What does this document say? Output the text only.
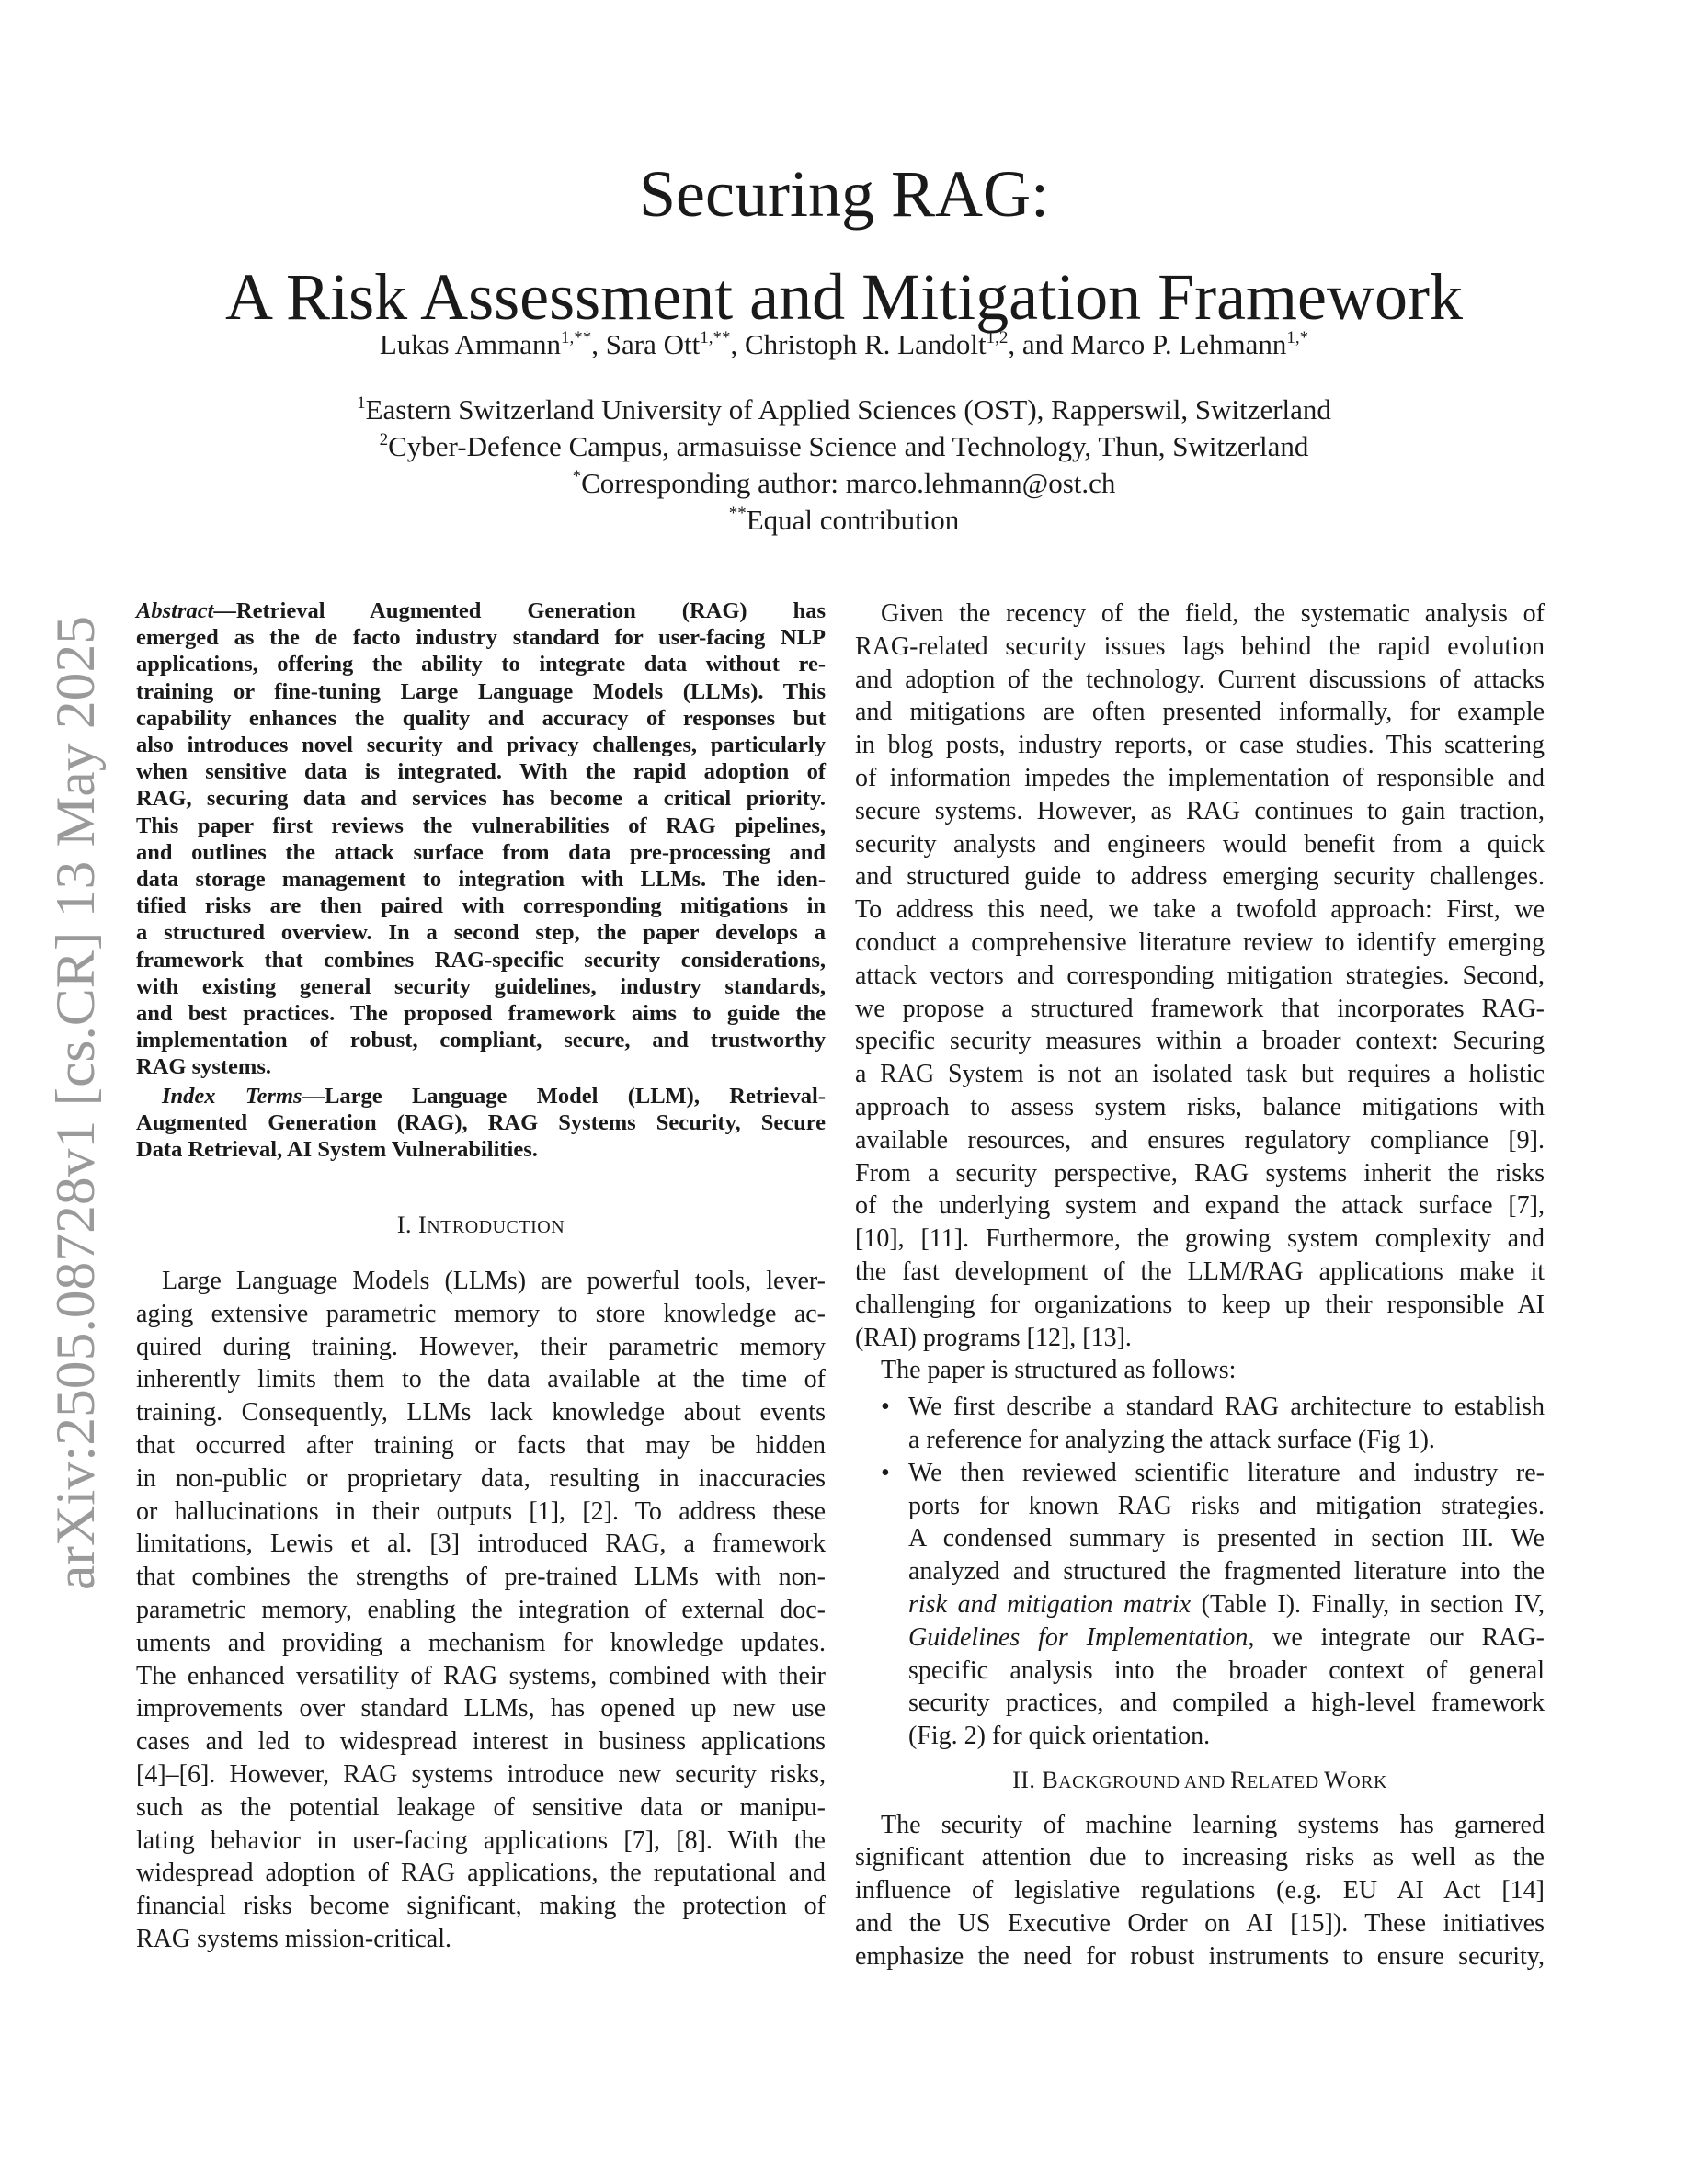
arXiv:2505.08728v1 [cs.CR] 13 May 2025
Securing RAG:
A Risk Assessment and Mitigation Framework
Lukas Ammann$^{1,**}$, Sara Ott$^{1,**}$, Christoph R. Landolt$^{1,2}$, and Marco P. Lehmann$^{1,*}$
$^1$Eastern Switzerland University of Applied Sciences (OST), Rapperswil, Switzerland
$^2$Cyber-Defence Campus, armasuisse Science and Technology, Thun, Switzerland
*Corresponding author: marco.lehmann@ost.ch
**Equal contribution
Abstract—Retrieval Augmented Generation (RAG) has
emerged as the de facto industry standard for user-facing NLP
applications, offering the ability to integrate data without re-
training or fine-tuning Large Language Models (LLMs). This
capability enhances the quality and accuracy of responses but
also introduces novel security and privacy challenges, particularly
when sensitive data is integrated. With the rapid adoption of
RAG, securing data and services has become a critical priority.
This paper first reviews the vulnerabilities of RAG pipelines,
and outlines the attack surface from data pre-processing and
data storage management to integration with LLMs. The iden-
tified risks are then paired with corresponding mitigations in
a structured overview. In a second step, the paper develops a
framework that combines RAG-specific security considerations,
with existing general security guidelines, industry standards,
and best practices. The proposed framework aims to guide the
implementation of robust, compliant, secure, and trustworthy
RAG systems.
Index Terms—Large Language Model (LLM), Retrieval-
Augmented Generation (RAG), RAG Systems Security, Secure
Data Retrieval, AI System Vulnerabilities.
I. INTRODUCTION
Large Language Models (LLMs) are powerful tools, lever-
aging extensive parametric memory to store knowledge ac-
quired during training. However, their parametric memory
inherently limits them to the data available at the time of
training. Consequently, LLMs lack knowledge about events
that occurred after training or facts that may be hidden
in non-public or proprietary data, resulting in inaccuracies
or hallucinations in their outputs [1], [2]. To address these
limitations, Lewis et al. [3] introduced RAG, a framework
that combines the strengths of pre-trained LLMs with non-
parametric memory, enabling the integration of external doc-
uments and providing a mechanism for knowledge updates.
The enhanced versatility of RAG systems, combined with their
improvements over standard LLMs, has opened up new use
cases and led to widespread interest in business applications
[4]–[6]. However, RAG systems introduce new security risks,
such as the potential leakage of sensitive data or manipu-
lating behavior in user-facing applications [7], [8]. With the
widespread adoption of RAG applications, the reputational and
financial risks become significant, making the protection of
RAG systems mission-critical.
Given the recency of the field, the systematic analysis of
RAG-related security issues lags behind the rapid evolution
and adoption of the technology. Current discussions of attacks
and mitigations are often presented informally, for example
in blog posts, industry reports, or case studies. This scattering
of information impedes the implementation of responsible and
secure systems. However, as RAG continues to gain traction,
security analysts and engineers would benefit from a quick
and structured guide to address emerging security challenges.
To address this need, we take a twofold approach: First, we
conduct a comprehensive literature review to identify emerging
attack vectors and corresponding mitigation strategies. Second,
we propose a structured framework that incorporates RAG-
specific security measures within a broader context: Securing
a RAG System is not an isolated task but requires a holistic
approach to assess system risks, balance mitigations with
available resources, and ensures regulatory compliance [9].
From a security perspective, RAG systems inherit the risks
of the underlying system and expand the attack surface [7],
[10], [11]. Furthermore, the growing system complexity and
the fast development of the LLM/RAG applications make it
challenging for organizations to keep up their responsible AI
(RAI) programs [12], [13].
The paper is structured as follows:
• We first describe a standard RAG architecture to establish
a reference for analyzing the attack surface (Fig 1).
• We then reviewed scientific literature and industry re-
ports for known RAG risks and mitigation strategies.
A condensed summary is presented in section III. We
analyzed and structured the fragmented literature into the
risk and mitigation matrix (Table I). Finally, in section IV,
Guidelines for Implementation, we integrate our RAG-
specific analysis into the broader context of general
security practices, and compiled a high-level framework
(Fig. 2) for quick orientation.
II. BACKGROUND AND RELATED WORK
The security of machine learning systems has garnered
significant attention due to increasing risks as well as the
influence of legislative regulations (e.g. EU AI Act [14]
and the US Executive Order on AI [15]). These initiatives
emphasize the need for robust instruments to ensure security,
